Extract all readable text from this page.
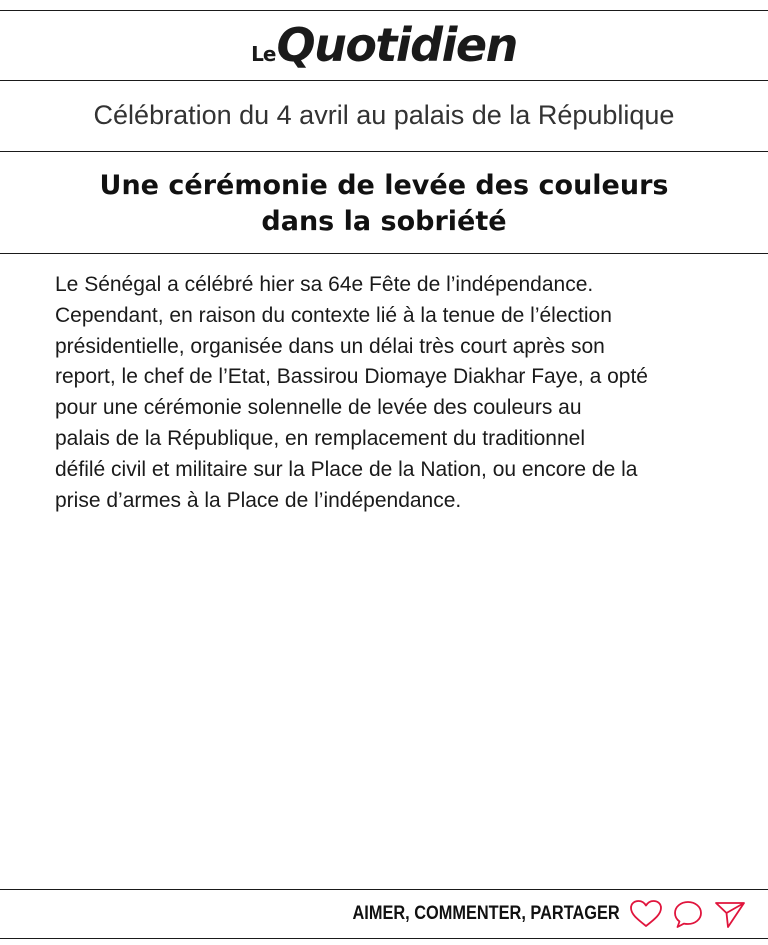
LeQuotidien
Célébration du 4 avril au palais de la République
Une cérémonie de levée des couleurs
dans la sobriété

Le Sénégal a célébré hier sa 64e Fête de l’indépendance.
Cependant, en raison du contexte lié à la tenue de l’élection
présidentielle, organisée dans un délai très court après son
report, le chef de l’Etat, Bassirou Diomaye Diakhar Faye, a opté
pour une cérémonie solennelle de levée des couleurs au
palais de la République, en remplacement du traditionnel
défilé civil et militaire sur la Place de la Nation, ou encore de la
prise d’armes à la Place de l’indépendance.

AIMER, COMMENTER, PARTAGER
